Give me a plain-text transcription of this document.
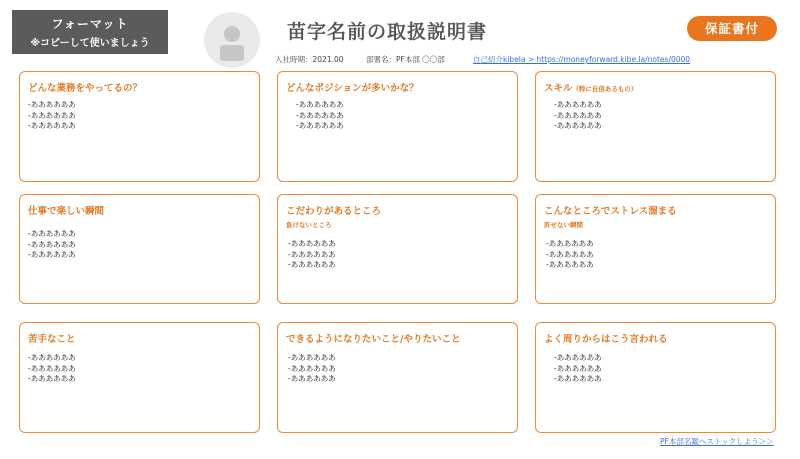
フォーマット
※コピーして使いましょう
苗字名前の取扱説明書
入社時期：2021.00	部署名：PF本部 〇〇部	自己紹介kibela > https://moneyforward.kibe.la/notes/0000
保証書付
どんな業務をやってるの？
-ああああああ
-ああああああ
-ああああああ
どんなポジションが多いかな？
-ああああああ
-ああああああ
-ああああああ
スキル（特に自信あるもの）
-ああああああ
-ああああああ
-ああああああ
仕事で楽しい瞬間
-ああああああ
-ああああああ
-ああああああ
こだわりがあるところ
負けないところ
-ああああああ
-ああああああ
-ああああああ
こんなところでストレス溜まる
許せない瞬間
-ああああああ
-ああああああ
-ああああああ
苦手なこと
-ああああああ
-ああああああ
-ああああああ
できるようになりたいこと/やりたいこと
-ああああああ
-ああああああ
-ああああああ
よく周りからはこう言われる
-ああああああ
-ああああああ
-ああああああ
PF本部名鑑へストックしよう＞＞
